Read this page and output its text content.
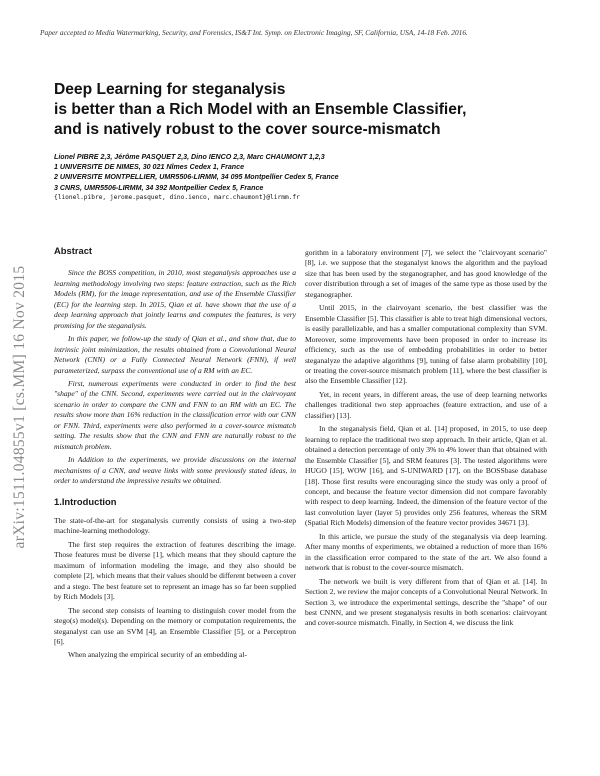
Paper accepted to Media Watermarking, Security, and Forensics, IS&T Int. Symp. on Electronic Imaging, SF, California, USA, 14-18 Feb. 2016.
arXiv:1511.04855v1 [cs.MM] 16 Nov 2015
Deep Learning for steganalysis
is better than a Rich Model with an Ensemble Classifier,
and is natively robust to the cover source-mismatch
Lionel PIBRE 2,3, Jérôme PASQUET 2,3, Dino IENCO 2,3, Marc CHAUMONT 1,2,3
1 UNIVERSITE DE NIMES, 30 021 Nîmes Cedex 1, France
2 UNIVERSITE MONTPELLIER, UMR5506-LIRMM, 34 095 Montpellier Cedex 5, France
3 CNRS, UMR5506-LIRMM, 34 392 Montpellier Cedex 5, France
{lionel.pibre, jerome.pasquet, dino.ienco, marc.chaumont}@lirmm.fr
Abstract

Since the BOSS competition, in 2010, most steganalysis approaches use a learning methodology involving two steps: feature extraction, such as the Rich Models (RM), for the image representation, and use of the Ensemble Classifier (EC) for the learning step. In 2015, Qian et al. have shown that the use of a deep learning approach that jointly learns and computes the features, is very promising for the steganalysis.

In this paper, we follow-up the study of Qian et al., and show that, due to intrinsic joint minimization, the results obtained from a Convolutional Neural Network (CNN) or a Fully Connected Neural Network (FNN), if well parameterized, surpass the conventional use of a RM with an EC.

First, numerous experiments were conducted in order to find the best "shape" of the CNN. Second, experiments were carried out in the clairvoyant scenario in order to compare the CNN and FNN to an RM with an EC. The results show more than 16% reduction in the classification error with our CNN or FNN. Third, experiments were also performed in a cover-source mismatch setting. The results show that the CNN and FNN are naturally robust to the mismatch problem.

In Addition to the experiments, we provide discussions on the internal mechanisms of a CNN, and weave links with some previously stated ideas, in order to understand the impressive results we obtained.

1.Introduction

The state-of-the-art for steganalysis currently consists of using a two-step machine-learning methodology.

The first step requires the extraction of features describing the image. Those features must be diverse [1], which means that they should capture the maximum of information modeling the image, and they also should be complete [2], which means that their values should be different between a cover and a stego. The best feature set to represent an image has so far been supplied by Rich Models [3].

The second step consists of learning to distinguish cover model from the stego(s) model(s). Depending on the memory or computation requirements, the steganalyst can use an SVM [4], an Ensemble Classifier [5], or a Perceptron [6].

When analyzing the empirical security of an embedding al-

gorithm in a laboratory environment [7], we select the "clairvoyant scenario" [8], i.e. we suppose that the steganalyst knows the algorithm and the payload size that has been used by the steganographer, and has good knowledge of the cover distribution through a set of images of the same type as those used by the steganographer.

Until 2015, in the clairvoyant scenario, the best classifier was the Ensemble Classifier [5]. This classifier is able to treat high dimensional vectors, is easily parallelizable, and has a smaller computational complexity than SVM. Moreover, some improvements have been proposed in order to increase its efficiency, such as the use of embedding probabilities in order to better steganalyze the adaptive algorithms [9], tuning of false alarm probability [10], or treating the cover-source mismatch problem [11], where the best classifier is also the Ensemble Classifier [12].

Yet, in recent years, in different areas, the use of deep learning networks challenges traditional two step approaches (feature extraction, and use of a classifier) [13].

In the steganalysis field, Qian et al. [14] proposed, in 2015, to use deep learning to replace the traditional two step approach. In their article, Qian et al. obtained a detection percentage of only 3% to 4% lower than that obtained with the Ensemble Classifier [5], and SRM features [3]. The tested algorithms were HUGO [15], WOW [16], and S-UNIWARD [17], on the BOSSbase database [18]. Those first results were encouraging since the study was only a proof of concept, and because the feature vector dimension did not compare favorably with respect to deep learning. Indeed, the dimension of the feature vector of the last convolution layer (layer 5) provides only 256 features, whereas the SRM (Spatial Rich Models) dimension of the feature vector provides 34671 [3].

In this article, we pursue the study of the steganalysis via deep learning. After many months of experiments, we obtained a reduction of more than 16% in the classification error compared to the state of the art. We also found a network that is robust to the cover-source mismatch.

The network we built is very different from that of Qian et al. [14]. In Section 2, we review the major concepts of a Convolutional Neural Network. In Section 3, we introduce the experimental settings, describe the "shape" of our best CNNN, and we present steganalysis results in both scenarios: clairvoyant and cover-source mismatch. Finally, in Section 4, we discuss the link
